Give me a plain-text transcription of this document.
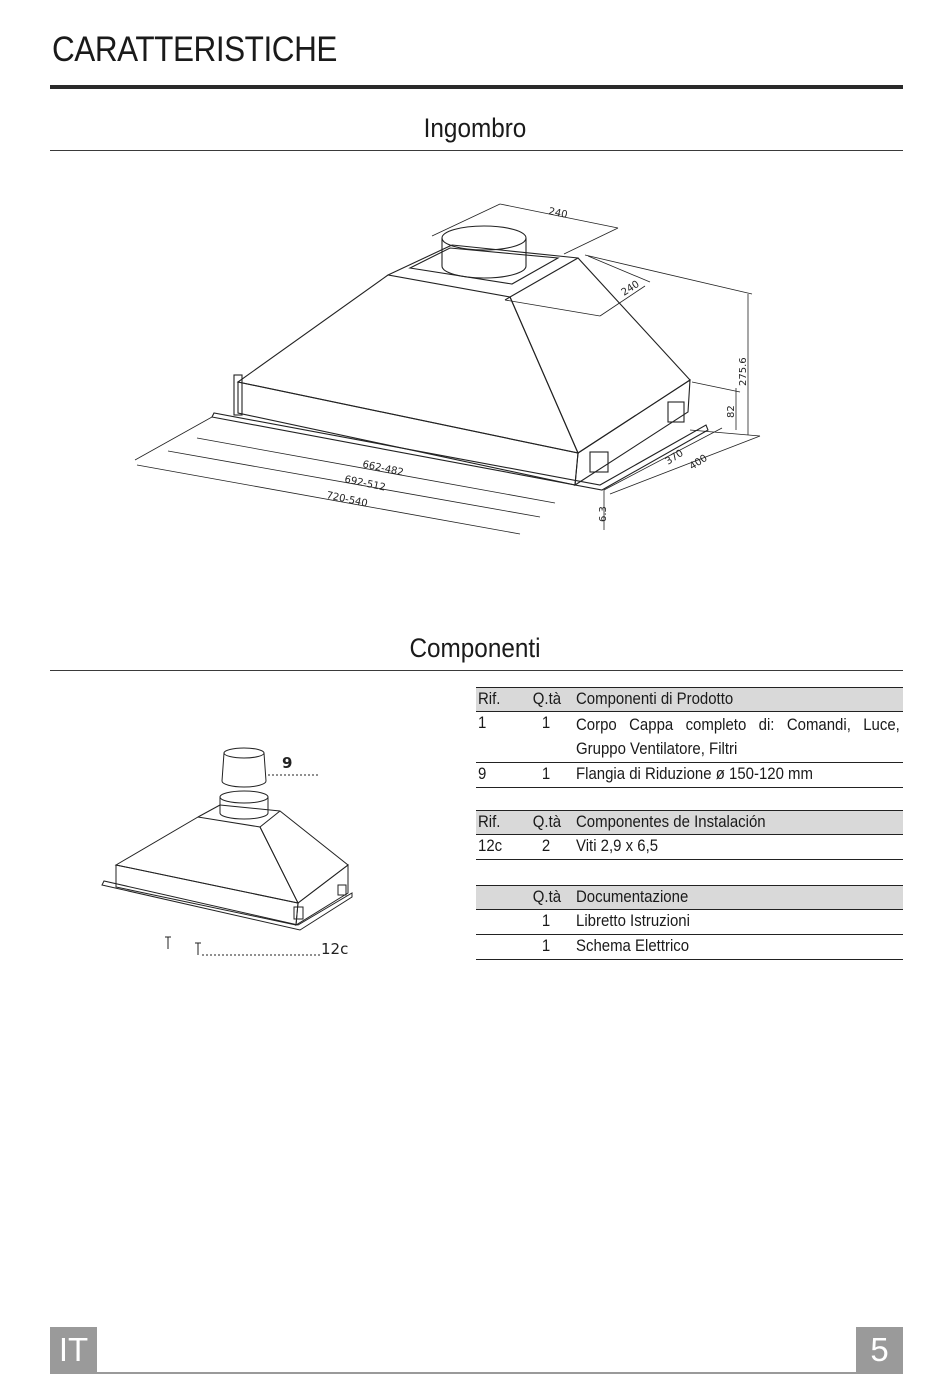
CARATTERISTICHE
Ingombro
240
240
275.6
82
370 400
662-482
692-512
720-540
6.3
Componenti
9
12c
Rif. Q.tà Componenti di Prodotto
1	1	Corpo Cappa completo di: Comandi, Luce, Gruppo Ventilatore, Filtri
9	1	Flangia di Riduzione ø 150-120 mm
Rif. Q.tà Componentes de Instalación
12c	2	Viti 2,9 x 6,5
Q.tà Documentazione
1	Libretto Istruzioni
1	Schema Elettrico
IT	5
